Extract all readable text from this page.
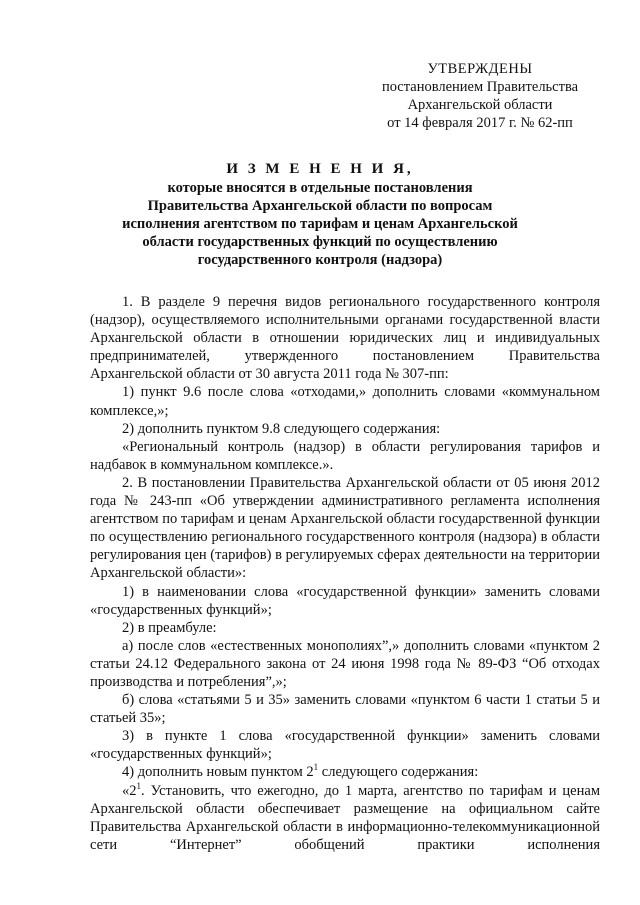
УТВЕРЖДЕНЫ
постановлением Правительства
Архангельской области
от 14 февраля 2017 г. № 62-пп
И З М Е Н Е Н И Я,
которые вносятся в отдельные постановления
Правительства Архангельской области по вопросам
исполнения агентством по тарифам и ценам Архангельской
области государственных функций по осуществлению
государственного контроля (надзора)

1. В разделе 9 перечня видов регионального государственного контроля (надзор), осуществляемого исполнительными органами государственной власти Архангельской области в отношении юридических лиц и индивидуальных предпринимателей, утвержденного постановлением Правительства Архангельской области от 30 августа 2011 года № 307-пп:

1) пункт 9.6 после слова «отходами,» дополнить словами «коммунальном комплексе,»;

2) дополнить пунктом 9.8 следующего содержания:

«Региональный контроль (надзор) в области регулирования тарифов и надбавок в коммунальном комплексе.».

2. В постановлении Правительства Архангельской области от 05 июня 2012 года № 243-пп «Об утверждении административного регламента исполнения агентством по тарифам и ценам Архангельской области государственной функции по осуществлению регионального государственного контроля (надзора) в области регулирования цен (тарифов) в регулируемых сферах деятельности на территории Архангельской области»:

1) в наименовании слова «государственной функции» заменить словами «государственных функций»;

2) в преамбуле:

а) после слов «естественных монополиях”,» дополнить словами «пунктом 2 статьи 24.12 Федерального закона от 24 июня 1998 года № 89-ФЗ “Об отходах производства и потребления”,»;

б) слова «статьями 5 и 35» заменить словами «пунктом 6 части 1 статьи 5 и статьей 35»;

3) в пункте 1 слова «государственной функции» заменить словами «государственных функций»;

4) дополнить новым пунктом $2^1$ следующего содержания:

«$2^1$. Установить, что ежегодно, до 1 марта, агентство по тарифам и ценам Архангельской области обеспечивает размещение на официальном сайте Правительства Архангельской области в информационно-телекоммуникационной сети “Интернет” обобщений практики исполнения
